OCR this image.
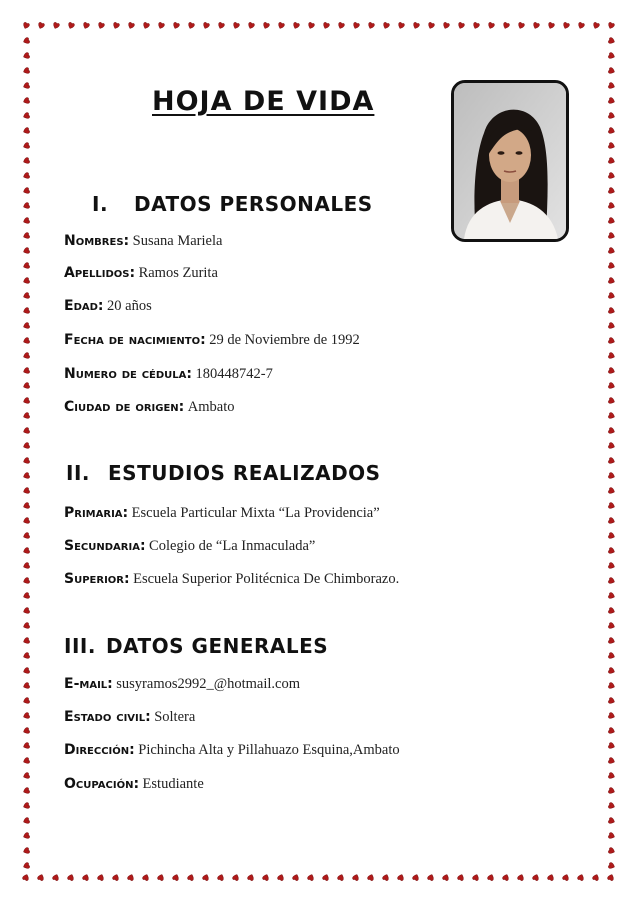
HOJA DE VIDA
I. DATOS PERSONALES
Nombres: Susana Mariela
Apellidos: Ramos Zurita
Edad: 20 años
Fecha de nacimiento: 29 de Noviembre de 1992
Numero de cédula: 180448742-7
Ciudad de origen: Ambato
II. ESTUDIOS REALIZADOS
Primaria: Escuela Particular Mixta “La Providencia”
Secundaria: Colegio de “La Inmaculada”
Superior: Escuela Superior Politécnica De Chimborazo.
III. DATOS GENERALES
E-mail: susyramos2992_@hotmail.com
Estado civil: Soltera
Dirección: Pichincha Alta y Pillahuazo Esquina,Ambato
Ocupación: Estudiante
